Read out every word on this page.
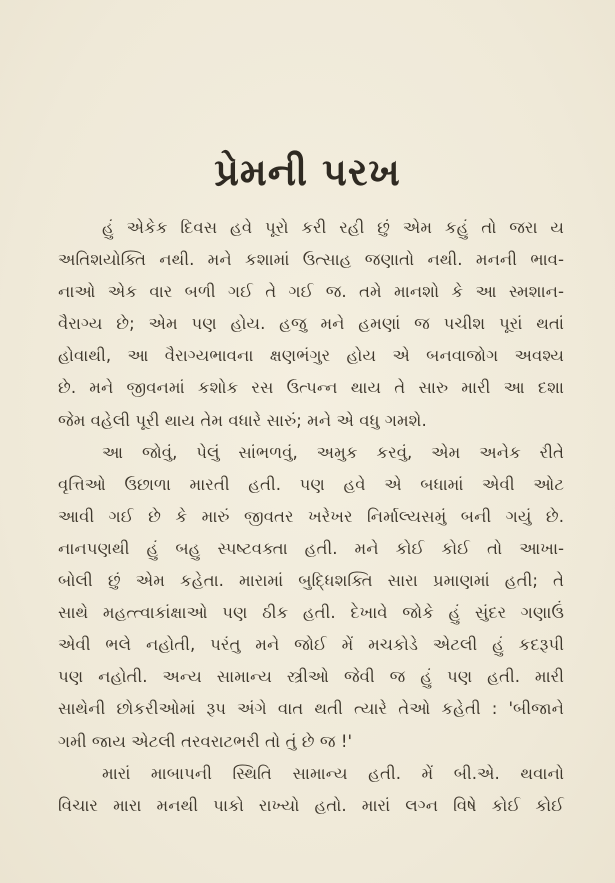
પ્રેમની પરખ
હું એકેક દિવસ હવે પૂરો કરી રહી છું એમ કહું તો જરા ય
અતિશયોક્તિ નથી. મને કશામાં ઉત્સાહ જણાતો નથી. મનની ભાવ-
નાઓ એક વાર બળી ગઈ તે ગઈ જ. તમે માનશો કે આ સ્મશાન-
વૈરાગ્ય છે; એમ પણ હોય. હજુ મને હમણાં જ પચીશ પૂરાં થતાં
હોવાથી, આ વૈરાગ્યભાવના ક્ષણભંગુર હોય એ બનવાજોગ અવશ્ય
છે. મને જીવનમાં કશોક રસ ઉત્પન્ન થાય તે સારુ મારી આ દશા
જેમ વહેલી પૂરી થાય તેમ વધારે સારું; મને એ વધુ ગમશે.
આ જોવું, પેલું સાંભળવું, અમુક કરવું, એમ અનેક રીતે
વૃત્તિઓ ઉછાળા મારતી હતી. પણ હવે એ બધામાં એવી ઓટ
આવી ગઈ છે કે મારું જીવતર ખરેખર નિર્માલ્યસમું બની ગયું છે.
નાનપણથી હું બહુ સ્પષ્ટવક્તા હતી. મને કોઈ કોઈ તો આખા-
બોલી છું એમ કહેતા. મારામાં બુદ્ધિશક્તિ સારા પ્રમાણમાં હતી; તે
સાથે મહત્ત્વાકાંક્ષાઓ પણ ઠીક હતી. દેખાવે જોકે હું સુંદર ગણાઉં
એવી ભલે નહોતી, પરંતુ મને જોઈ મેં મચકોડે એટલી હું કદરૂપી
પણ નહોતી. અન્ય સામાન્ય સ્ત્રીઓ જેવી જ હું પણ હતી. મારી
સાથેની છોકરીઓમાં રૂપ અંગે વાત થતી ત્યારે તેઓ કહેતી : 'બીજાને
ગમી જાય એટલી તરવરાટભરી તો તું છે જ !'
મારાં માબાપની સ્થિતિ સામાન્ય હતી. મેં બી.એ. થવાનો
વિચાર મારા મનથી પાકો રાખ્યો હતો. મારાં લગ્ન વિષે કોઈ કોઈ
